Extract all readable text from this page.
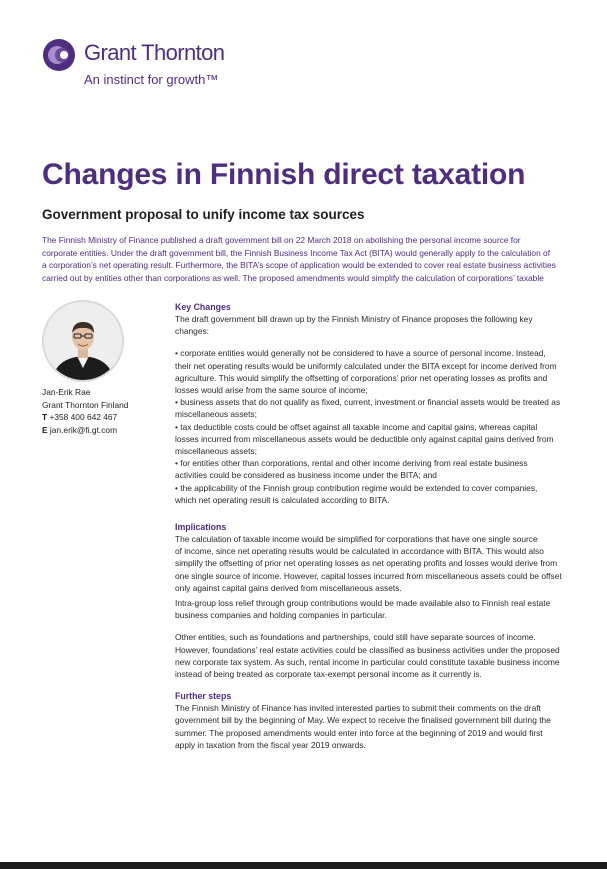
Grant Thornton
An instinct for growth™
Changes in Finnish direct taxation
Government proposal to unify income tax sources

The Finnish Ministry of Finance published a draft government bill on 22 March 2018 on abolishing the personal income source for
corporate entities. Under the draft government bill, the Finnish Business Income Tax Act (BITA) would generally apply to the calculation of
a corporation’s net operating result. Furthermore, the BITA’s scope of application would be extended to cover real estate business activities
carried out by entities other than corporations as well. The proposed amendments would simplify the calculation of corporations’ taxable

Jan-Erik Rae
Grant Thornton Finland
T +358 400 642 467
E jan.erik@fi.gt.com
Key Changes
The draft government bill drawn up by the Finnish Ministry of Finance proposes the following key
changes:
• corporate entities would generally not be considered to have a source of personal income. Instead,
their net operating results would be uniformly calculated under the BITA except for income derived from
agriculture. This would simplify the offsetting of corporations’ prior net operating losses as profits and
losses would arise from the same source of income;
• business assets that do not qualify as fixed, current, investment or financial assets would be treated as
miscellaneous assets;
• tax deductible costs could be offset against all taxable income and capital gains, whereas capital
losses incurred from miscellaneous assets would be deductible only against capital gains derived from
miscellaneous assets;
• for entities other than corporations, rental and other income deriving from real estate business
activities could be considered as business income under the BITA; and
• the applicability of the Finnish group contribution regime would be extended to cover companies,
which net operating result is calculated according to BITA.
Implications
The calculation of taxable income would be simplified for corporations that have one single source
of income, since net operating results would be calculated in accordance with BITA. This would also
simplify the offsetting of prior net operating losses as net operating profits and losses would derive from
one single source of income. However, capital losses incurred from miscellaneous assets could be offset
only against capital gains derived from miscellaneous assets.
Intra-group loss relief through group contributions would be made available also to Finnish real estate
business companies and holding companies in particular.
Other entities, such as foundations and partnerships, could still have separate sources of income.
However, foundations’ real estate activities could be classified as business activities under the proposed
new corporate tax system. As such, rental income in particular could constitute taxable business income
instead of being treated as corporate tax-exempt personal income as it currently is.
Further steps
The Finnish Ministry of Finance has invited interested parties to submit their comments on the draft
government bill by the beginning of May. We expect to receive the finalised government bill during the
summer. The proposed amendments would enter into force at the beginning of 2019 and would first
apply in taxation from the fiscal year 2019 onwards.
